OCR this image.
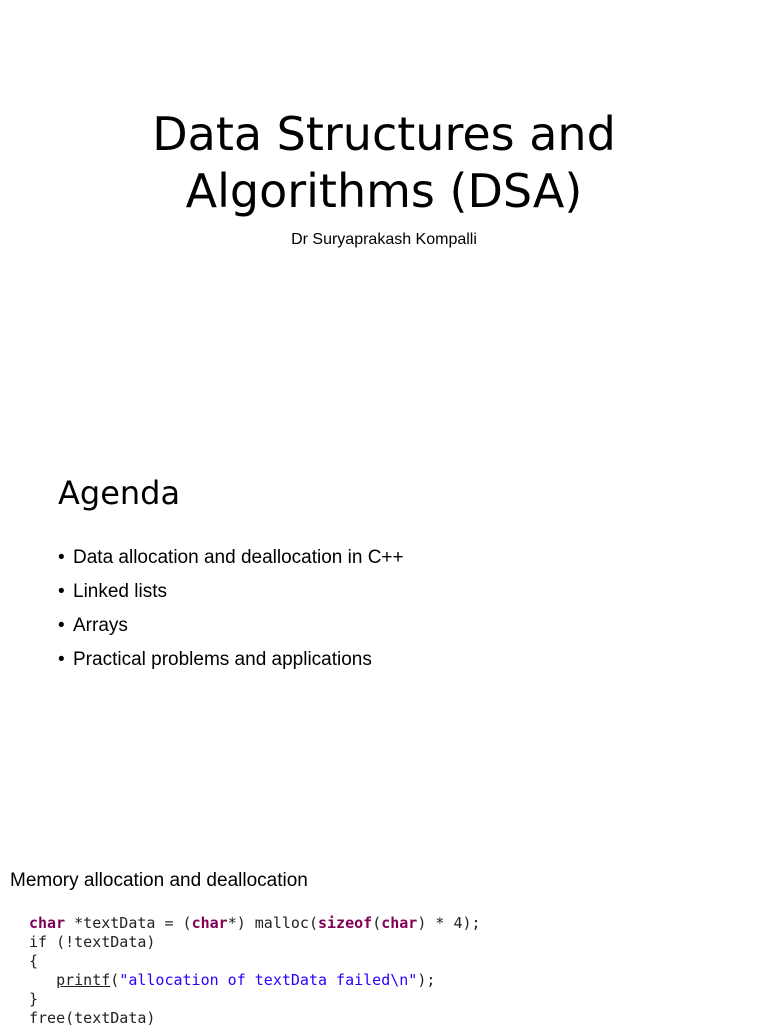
Data Structures and
Algorithms (DSA)

Dr Suryaprakash Kompalli

Agenda
• Data allocation and deallocation in C++
• Linked lists
• Arrays
• Practical problems and applications
Memory allocation and deallocation
char *textData = (char*) malloc(sizeof(char) * 4);
if (!textData)
{
printf("allocation of textData failed\n");
}
free(textData)
